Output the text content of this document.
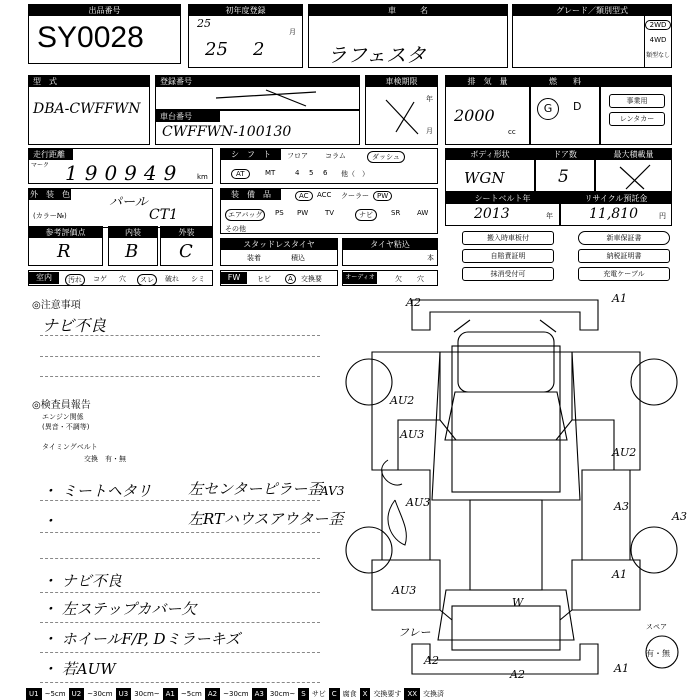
出品番号
SY0028
初年度登録
25
25 2
月
車　　　名
ラフェスタ
グレード／類別型式
2WD
4WD
類型なし
型　式
DBA-CWFFWN
登録番号
車台番号
CWFFWN-100130
車検期限
年
月
排　気　量
2000
cc
燃　　料
G	D	事業用
レンタカー
走行距離
マーク 190949 km
シ　フ　ト	フロア コラム	ダッシュ
AT	MT	4 5 6 他（　）
ボディ形状
WGN
ドア数
5
最大積載量
外　装　色
(カラー№)
パール
CT1
装　備　品	AC	ACC クーラー	PW
エアバッグ	PS PW TV	ナビ	SR AW
その他
シートベルト年
2013	年
リサイクル預託金
11,810	円
参考評価点
R
内装
B
外装
C	スタッドレスタイヤ
装着	積込
タイヤ粘込
本
搬入時車板付	新車保証書
自賠責証明	納税証明書
抹消受付可	充電ケーブル
室内	汚れ	コゲ 穴	スレ	破れ シミ	FW	ヒビ	A	交換要	オーディオ	欠 穴
◎注意事項
ナビ不良
◎検査員報告
エンジン関係
(異音・不調等)
タイミングベルト
交換　有・無
・ ミートヘタリ 左センターピラー歪
AV3
・	左RTハウスアウター歪
・ ナビ不良
・ 左ステップカバー欠
・ ホイールF/P, Dミラーキズ
・ 若AUW
A2	A1
AU2
AU3
AU3
AU2
A3
A3
A1
AU3
W
フレー
A2
A2	A1
スペア
有・無
U1 ~5cm U2 ~30cm U3 30cm~ A1 ~5cm A2 ~30cm A3 30cm~ S サビ C 腐食 X 交換要す XX 交換済
